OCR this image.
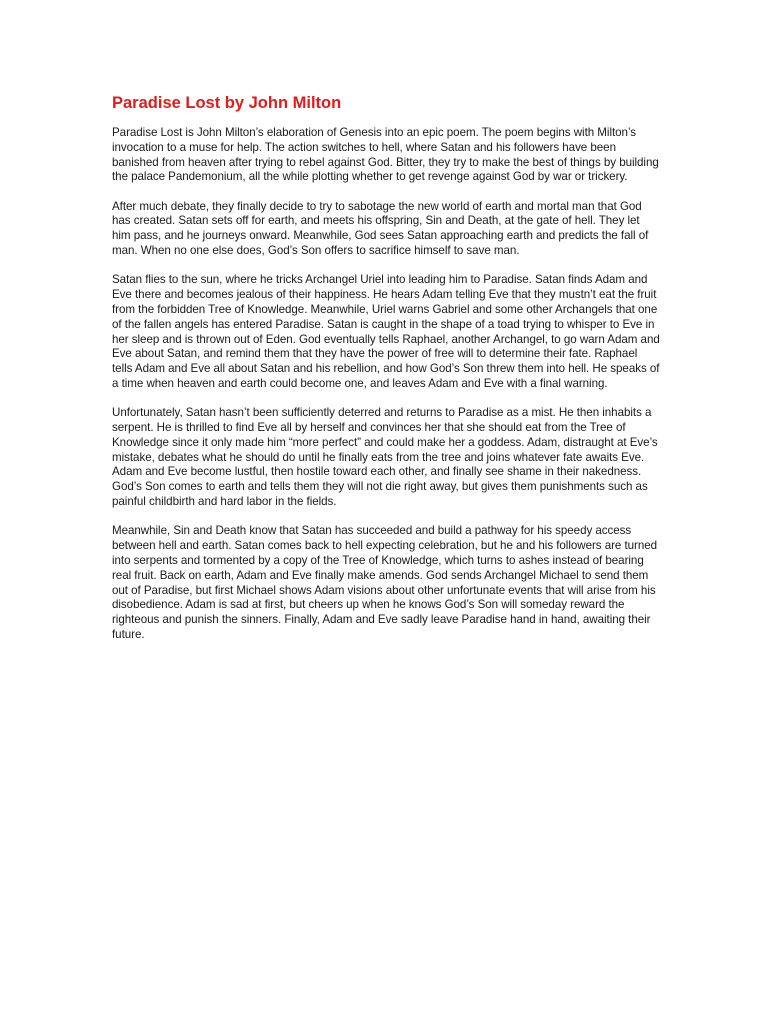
Paradise Lost by John Milton

Paradise Lost is John Milton’s elaboration of Genesis into an epic poem. The poem begins with Milton’s invocation to a muse for help. The action switches to hell, where Satan and his followers have been banished from heaven after trying to rebel against God. Bitter, they try to make the best of things by building the palace Pandemonium, all the while plotting whether to get revenge against God by war or trickery.

After much debate, they finally decide to try to sabotage the new world of earth and mortal man that God has created. Satan sets off for earth, and meets his offspring, Sin and Death, at the gate of hell. They let him pass, and he journeys onward. Meanwhile, God sees Satan approaching earth and predicts the fall of man. When no one else does, God’s Son offers to sacrifice himself to save man.

Satan flies to the sun, where he tricks Archangel Uriel into leading him to Paradise. Satan finds Adam and Eve there and becomes jealous of their happiness. He hears Adam telling Eve that they mustn’t eat the fruit from the forbidden Tree of Knowledge. Meanwhile, Uriel warns Gabriel and some other Archangels that one of the fallen angels has entered Paradise. Satan is caught in the shape of a toad trying to whisper to Eve in her sleep and is thrown out of Eden. God eventually tells Raphael, another Archangel, to go warn Adam and Eve about Satan, and remind them that they have the power of free will to determine their fate. Raphael tells Adam and Eve all about Satan and his rebellion, and how God’s Son threw them into hell. He speaks of a time when heaven and earth could become one, and leaves Adam and Eve with a final warning.

Unfortunately, Satan hasn’t been sufficiently deterred and returns to Paradise as a mist. He then inhabits a serpent. He is thrilled to find Eve all by herself and convinces her that she should eat from the Tree of Knowledge since it only made him “more perfect” and could make her a goddess. Adam, distraught at Eve’s mistake, debates what he should do until he finally eats from the tree and joins whatever fate awaits Eve. Adam and Eve become lustful, then hostile toward each other, and finally see shame in their nakedness. God’s Son comes to earth and tells them they will not die right away, but gives them punishments such as painful childbirth and hard labor in the fields.

Meanwhile, Sin and Death know that Satan has succeeded and build a pathway for his speedy access between hell and earth. Satan comes back to hell expecting celebration, but he and his followers are turned into serpents and tormented by a copy of the Tree of Knowledge, which turns to ashes instead of bearing real fruit. Back on earth, Adam and Eve finally make amends. God sends Archangel Michael to send them out of Paradise, but first Michael shows Adam visions about other unfortunate events that will arise from his disobedience. Adam is sad at first, but cheers up when he knows God’s Son will someday reward the righteous and punish the sinners. Finally, Adam and Eve sadly leave Paradise hand in hand, awaiting their future.
